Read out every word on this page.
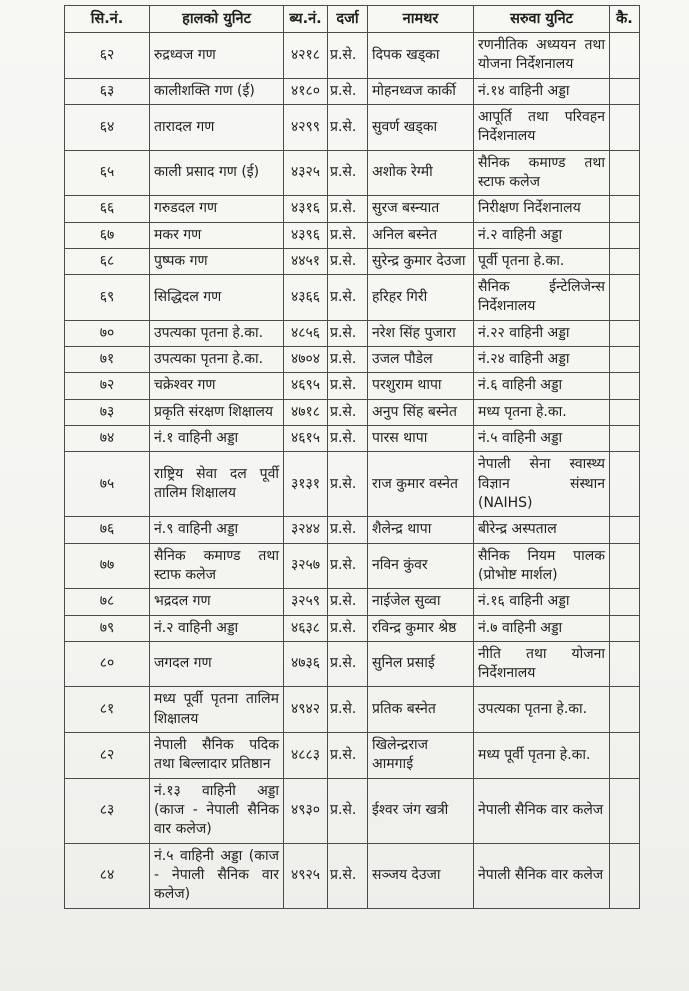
सि.नं.	हालको युनिट	ब्य.नं.	दर्जा	नामथर	सरुवा युनिट	कै.
६२	रुद्रध्वज गण	४२१८	प्र.से.	दिपक खड्का	रणनीतिक अध्ययन तथा योजना निर्देशनालय	
६३	कालीशक्ति गण (ई)	४१८०	प्र.से.	मोहनध्वज कार्की	नं.१४ वाहिनी अड्डा	
६४	तारादल गण	४२९९	प्र.से.	सुवर्ण खड्का	आपूर्ति तथा परिवहन निर्देशनालय	
६५	काली प्रसाद गण (ई)	४३२५	प्र.से.	अशोक रेग्मी	सैनिक कमाण्ड तथा स्टाफ कलेज	
६६	गरुडदल गण	४३१६	प्र.से.	सुरज बस्न्यात	निरीक्षण निर्देशनालय	
६७	मकर गण	४३९६	प्र.से.	अनिल बस्नेत	नं.२ वाहिनी अड्डा	
६८	पुष्पक गण	४४५१	प्र.से.	सुरेन्द्र कुमार देउजा	पूर्वी पृतना हे.का.	
६९	सिद्धिदल गण	४३६६	प्र.से.	हरिहर गिरी	सैनिक ईन्टेलिजेन्स निर्देशनालय	
७०	उपत्यका पृतना हे.का.	४८५६	प्र.से.	नरेश सिंह पुजारा	नं.२२ वाहिनी अड्डा	
७१	उपत्यका पृतना हे.का.	४७०४	प्र.से.	उजल पौडेल	नं.२४ वाहिनी अड्डा	
७२	चक्रेश्वर गण	४६९५	प्र.से.	परशुराम थापा	नं.६ वाहिनी अड्डा	
७३	प्रकृति संरक्षण शिक्षालय	४७१८	प्र.से.	अनुप सिंह बस्नेत	मध्य पृतना हे.का.	
७४	नं.१ वाहिनी अड्डा	४६१५	प्र.से.	पारस थापा	नं.५ वाहिनी अड्डा	
७५	राष्ट्रिय सेवा दल पूर्वी तालिम शिक्षालय	३१३१	प्र.से.	राज कुमार वस्नेत	नेपाली सेना स्वास्थ्य विज्ञान संस्थान (NAIHS)	
७६	नं.९ वाहिनी अड्डा	३२४४	प्र.से.	शैलेन्द्र थापा	बीरेन्द्र अस्पताल	
७७	सैनिक कमाण्ड तथा स्टाफ कलेज	३२५७	प्र.से.	नविन कुंवर	सैनिक नियम पालक (प्रोभोष्ट मार्शल)	
७८	भद्रदल गण	३२५९	प्र.से.	नाईजेल सुव्वा	नं.१६ वाहिनी अड्डा	
७९	नं.२ वाहिनी अड्डा	४६३८	प्र.से.	रविन्द्र कुमार श्रेष्ठ	नं.७ वाहिनी अड्डा	
८०	जगदल गण	४७३६	प्र.से.	सुनिल प्रसाई	नीति तथा योजना निर्देशनालय	
८१	मध्य पूर्वी पृतना तालिम शिक्षालय	४९४२	प्र.से.	प्रतिक बस्नेत	उपत्यका पृतना हे.का.	
८२	नेपाली सैनिक पदिक तथा बिल्लादार प्रतिष्ठान	४८८३	प्र.से.	खिलेन्द्रराज आमगाई	मध्य पूर्वी पृतना हे.का.	
८३	नं.१३ वाहिनी अड्डा (काज - नेपाली सैनिक वार कलेज)	४९३०	प्र.से.	ईश्वर जंग खत्री	नेपाली सैनिक वार कलेज	
८४	नं.५ वाहिनी अड्डा (काज - नेपाली सैनिक वार कलेज)	४९२५	प्र.से.	सञ्जय देउजा	नेपाली सैनिक वार कलेज	
